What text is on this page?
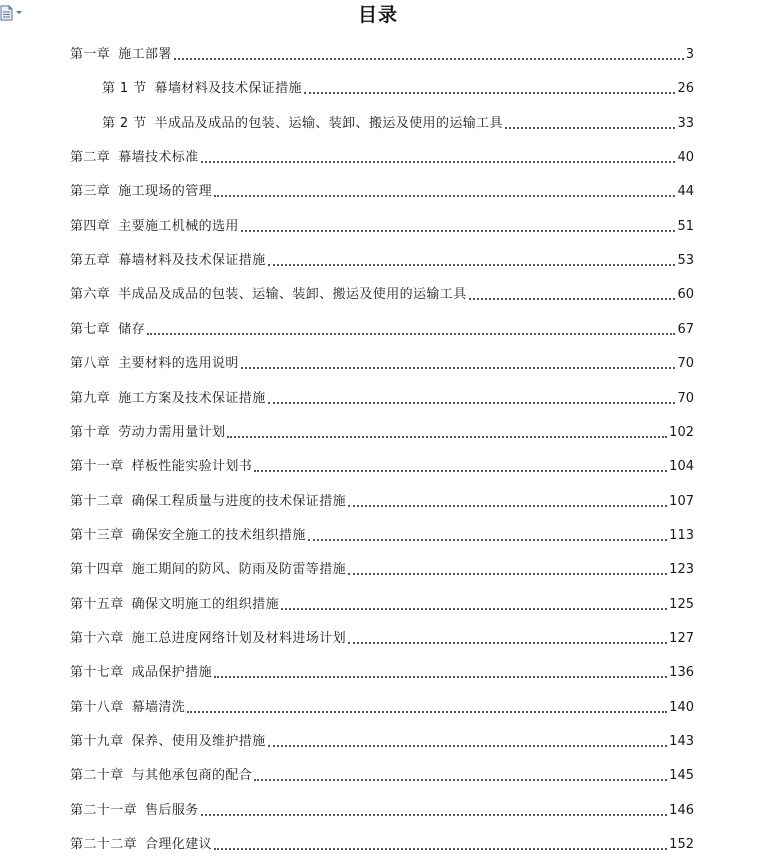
目录
第一章 施工部署	3
第 1 节 幕墙材料及技术保证措施	26
第 2 节 半成品及成品的包装、运输、装卸、搬运及使用的运输工具	33
第二章 幕墙技术标准	40
第三章 施工现场的管理	44
第四章 主要施工机械的选用	51
第五章 幕墙材料及技术保证措施	53
第六章 半成品及成品的包装、运输、装卸、搬运及使用的运输工具	60
第七章 储存	67
第八章 主要材料的选用说明	70
第九章 施工方案及技术保证措施	70
第十章 劳动力需用量计划	102
第十一章 样板性能实验计划书	104
第十二章 确保工程质量与进度的技术保证措施	107
第十三章 确保安全施工的技术组织措施	113
第十四章 施工期间的防风、防雨及防雷等措施	123
第十五章 确保文明施工的组织措施	125
第十六章 施工总进度网络计划及材料进场计划	127
第十七章 成品保护措施	136
第十八章 幕墙清洗	140
第十九章 保养、使用及维护措施	143
第二十章 与其他承包商的配合	145
第二十一章 售后服务	146
第二十二章 合理化建议	152
